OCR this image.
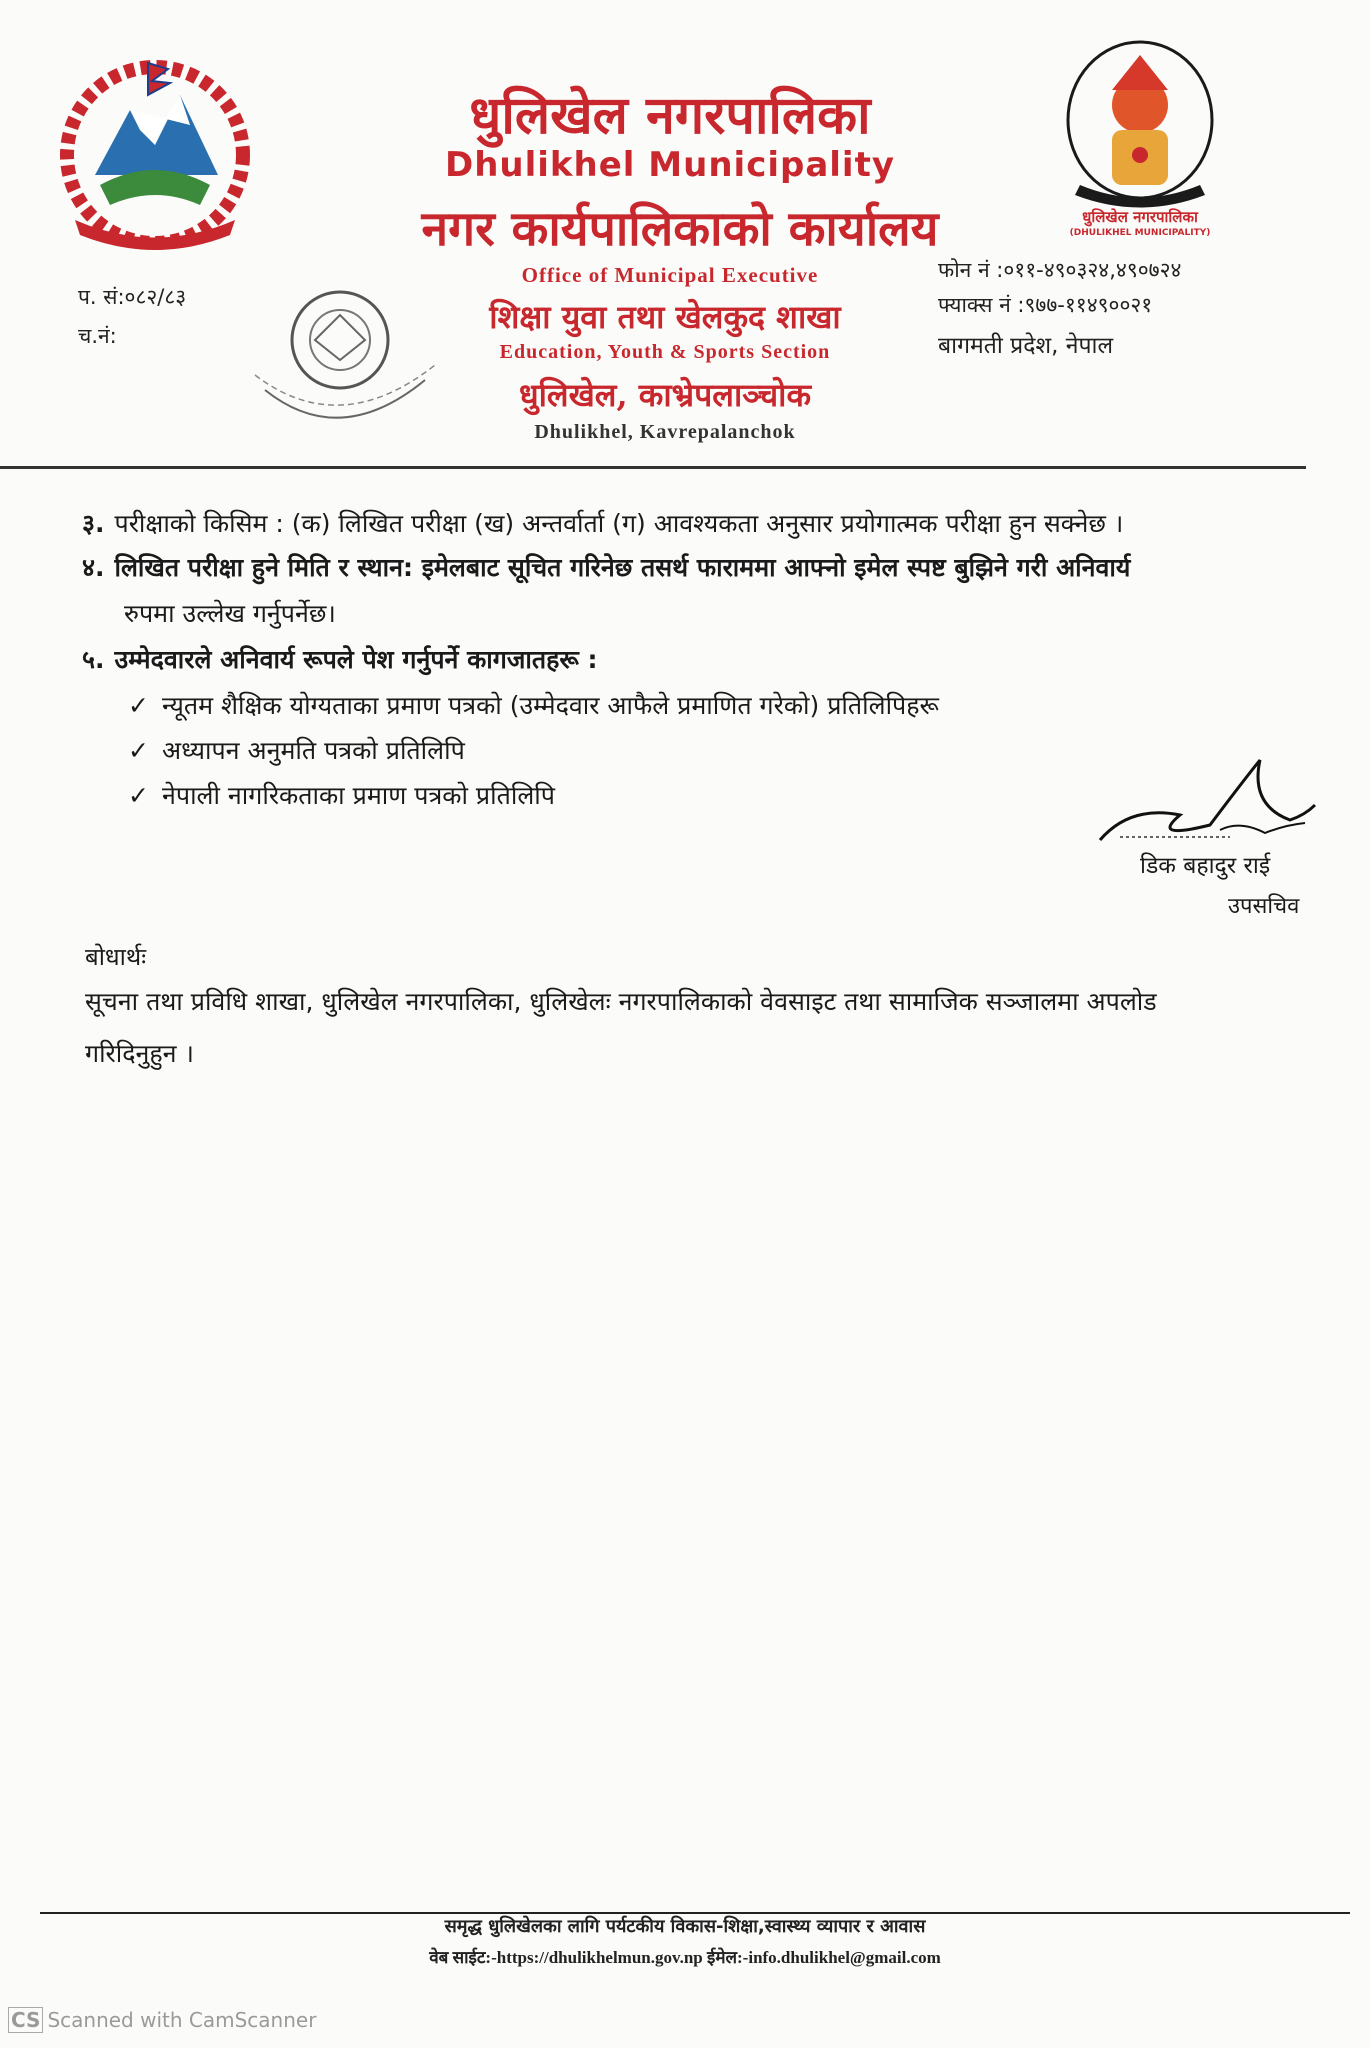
धुलिखेल नगरपालिका
(DHULIKHEL MUNICIPALITY)
धुलिखेल नगरपालिका
Dhulikhel Municipality
नगर कार्यपालिकाको कार्यालय
Office of Municipal Executive
शिक्षा युवा तथा खेलकुद शाखा
Education, Youth & Sports Section
धुलिखेल, काभ्रेपलाञ्चोक
Dhulikhel, Kavrepalanchok
प. सं:०८२/८३
च.नं:
फोन नं :०११-४९०३२४,४९०७२४
फ्याक्स नं :९७७-११४९००२१
बागमती प्रदेश, नेपाल
३. परीक्षाको किसिम : (क) लिखित परीक्षा (ख) अन्तर्वार्ता (ग) आवश्यकता अनुसार प्रयोगात्मक परीक्षा हुन सक्नेछ ।
४. लिखित परीक्षा हुने मिति र स्थान: इमेलबाट सूचित गरिनेछ तसर्थ फाराममा आफ्नो इमेल स्पष्ट बुझिने गरी अनिवार्य
रुपमा उल्लेख गर्नुपर्नेछ।
५. उम्मेदवारले अनिवार्य रूपले पेश गर्नुपर्ने कागजातहरू :
✓ न्यूतम शैक्षिक योग्यताका प्रमाण पत्रको (उम्मेदवार आफैले प्रमाणित गरेको) प्रतिलिपिहरू
✓ अध्यापन अनुमति पत्रको प्रतिलिपि
✓ नेपाली नागरिकताका प्रमाण पत्रको प्रतिलिपि
डिक बहादुर राई
उपसचिव
बोधार्थः
सूचना तथा प्रविधि शाखा, धुलिखेल नगरपालिका, धुलिखेलः नगरपालिकाको वेवसाइट तथा सामाजिक सञ्जालमा अपलोड
गरिदिनुहुन ।
समृद्ध धुलिखेलका लागि पर्यटकीय विकास-शिक्षा,स्वास्थ्य व्यापार र आवास
वेब साईट:-https://dhulikhelmun.gov.np ईमेल:-info.dhulikhel@gmail.com
CS Scanned with CamScanner
